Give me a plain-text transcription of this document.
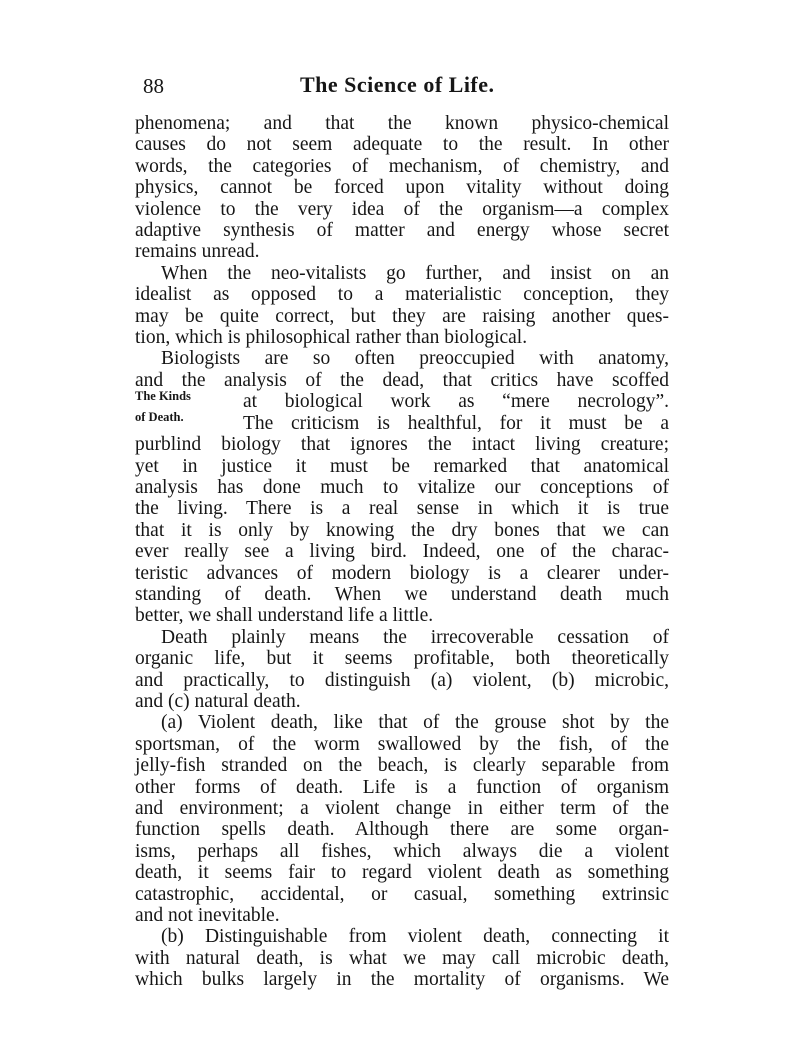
88	The Science of Life.
The Kinds
of Death.
phenomena; and that the known physico-chemical
causes do not seem adequate to the result. In other
words, the categories of mechanism, of chemistry, and
physics, cannot be forced upon vitality without doing
violence to the very idea of the organism—a complex
adaptive synthesis of matter and energy whose secret
remains unread.
When the neo-vitalists go further, and insist on an
idealist as opposed to a materialistic conception, they
may be quite correct, but they are raising another ques-
tion, which is philosophical rather than biological.
Biologists are so often preoccupied with anatomy,
and the analysis of the dead, that critics have scoffed
at biological work as “mere necrology”.
The criticism is healthful, for it must be a
purblind biology that ignores the intact living creature;
yet in justice it must be remarked that anatomical
analysis has done much to vitalize our conceptions of
the living. There is a real sense in which it is true
that it is only by knowing the dry bones that we can
ever really see a living bird. Indeed, one of the charac-
teristic advances of modern biology is a clearer under-
standing of death. When we understand death much
better, we shall understand life a little.
Death plainly means the irrecoverable cessation of
organic life, but it seems profitable, both theoretically
and practically, to distinguish (a) violent, (b) microbic,
and (c) natural death.
(a) Violent death, like that of the grouse shot by the
sportsman, of the worm swallowed by the fish, of the
jelly-fish stranded on the beach, is clearly separable from
other forms of death. Life is a function of organism
and environment; a violent change in either term of the
function spells death. Although there are some organ-
isms, perhaps all fishes, which always die a violent
death, it seems fair to regard violent death as something
catastrophic, accidental, or casual, something extrinsic
and not inevitable.
(b) Distinguishable from violent death, connecting it
with natural death, is what we may call microbic death,
which bulks largely in the mortality of organisms. We
